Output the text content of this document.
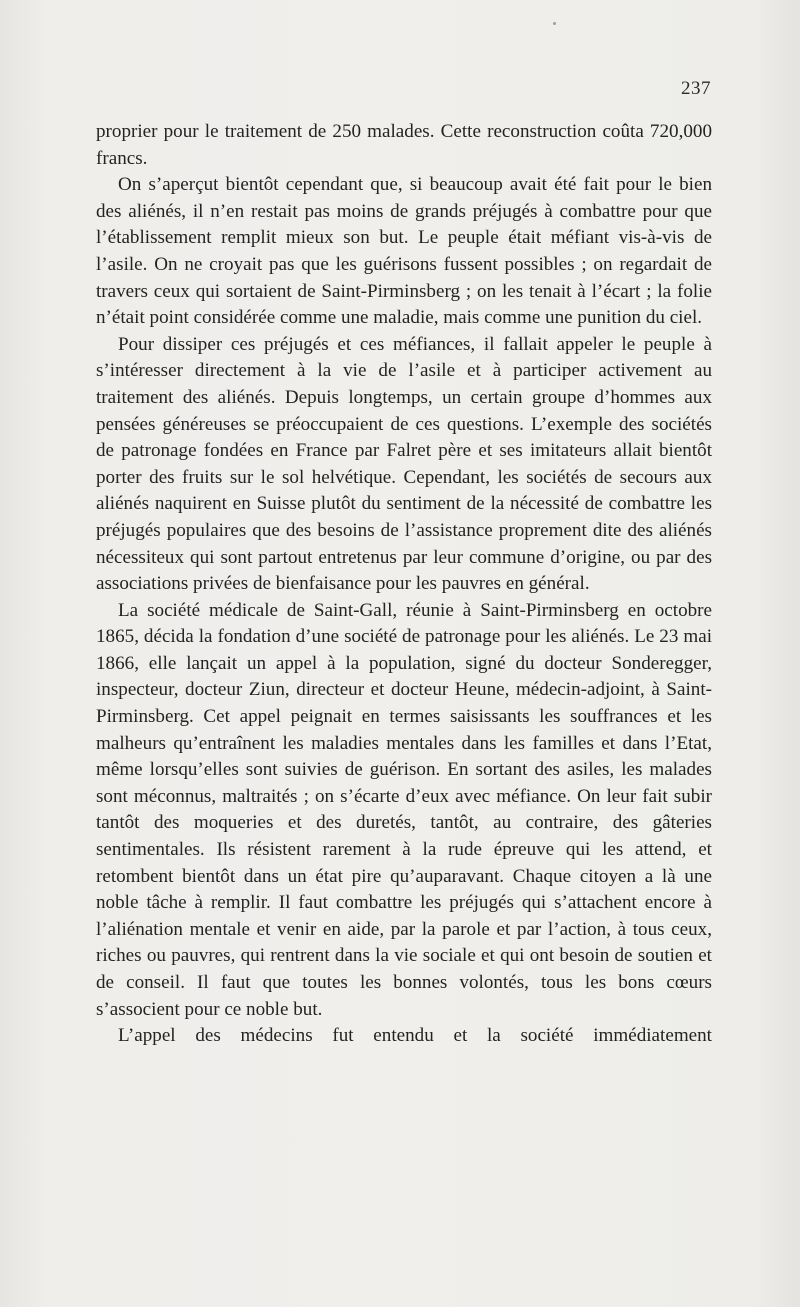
237

proprier pour le traitement de 250 malades. Cette reconstruction coûta 720,000 francs.

On s’aperçut bientôt cependant que, si beaucoup avait été fait pour le bien des aliénés, il n’en restait pas moins de grands préjugés à combattre pour que l’établissement remplit mieux son but. Le peuple était méfiant vis-à-vis de l’asile. On ne croyait pas que les guérisons fussent possibles ; on regardait de travers ceux qui sortaient de Saint-Pirminsberg ; on les tenait à l’écart ; la folie n’était point considérée comme une maladie, mais comme une punition du ciel.

Pour dissiper ces préjugés et ces méfiances, il fallait appeler le peuple à s’intéresser directement à la vie de l’asile et à participer activement au traitement des aliénés. Depuis longtemps, un certain groupe d’hommes aux pensées généreuses se préoccupaient de ces questions. L’exemple des sociétés de patronage fondées en France par Falret père et ses imitateurs allait bientôt porter des fruits sur le sol helvétique. Cependant, les sociétés de secours aux aliénés naquirent en Suisse plutôt du sentiment de la nécessité de combattre les préjugés populaires que des besoins de l’assistance proprement dite des aliénés nécessiteux qui sont partout entretenus par leur commune d’origine, ou par des associations privées de bienfaisance pour les pauvres en général.

La société médicale de Saint-Gall, réunie à Saint-Pirminsberg en octobre 1865, décida la fondation d’une société de patronage pour les aliénés. Le 23 mai 1866, elle lançait un appel à la population, signé du docteur Sonderegger, inspecteur, docteur Ziun, directeur et docteur Heune, médecin-adjoint, à Saint-Pirminsberg. Cet appel peignait en termes saisissants les souffrances et les malheurs qu’entraînent les maladies mentales dans les familles et dans l’Etat, même lorsqu’elles sont suivies de guérison. En sortant des asiles, les malades sont méconnus, maltraités ; on s’écarte d’eux avec méfiance. On leur fait subir tantôt des moqueries et des duretés, tantôt, au contraire, des gâteries sentimentales. Ils résistent rarement à la rude épreuve qui les attend, et retombent bientôt dans un état pire qu’auparavant. Chaque citoyen a là une noble tâche à remplir. Il faut combattre les préjugés qui s’attachent encore à l’aliénation mentale et venir en aide, par la parole et par l’action, à tous ceux, riches ou pauvres, qui rentrent dans la vie sociale et qui ont besoin de soutien et de conseil. Il faut que toutes les bonnes volontés, tous les bons cœurs s’associent pour ce noble but.

L’appel des médecins fut entendu et la société immédiatement
